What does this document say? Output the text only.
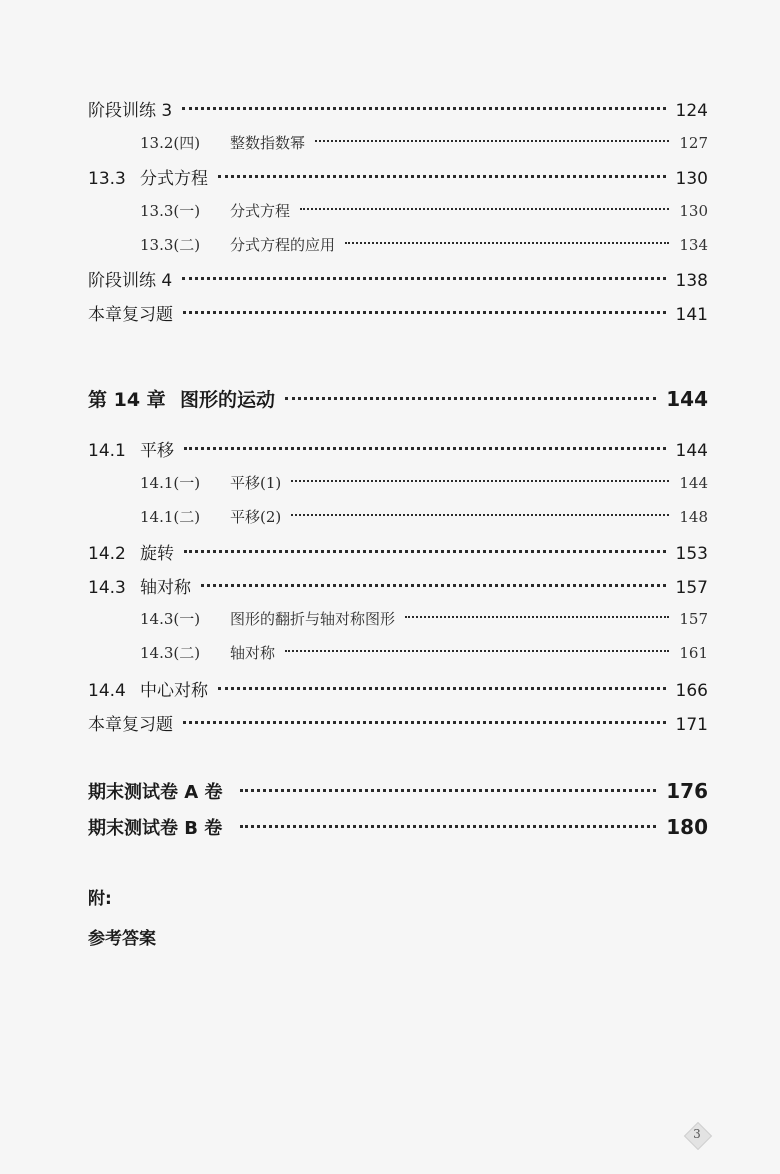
阶段训练 3	124
13.2(四)	整数指数幂	127
13.3 分式方程	130
13.3(一)	分式方程	130
13.3(二)	分式方程的应用	134
阶段训练 4	138
本章复习题	141
第 14 章 图形的运动	144
14.1 平移	144
14.1(一)	平移(1)	144
14.1(二)	平移(2)	148
14.2 旋转	153
14.3 轴对称	157
14.3(一)	图形的翻折与轴对称图形	157
14.3(二)	轴对称	161
14.4 中心对称	166
本章复习题	171
期末测试卷 A 卷	176
期末测试卷 B 卷	180
附:
参考答案
3
